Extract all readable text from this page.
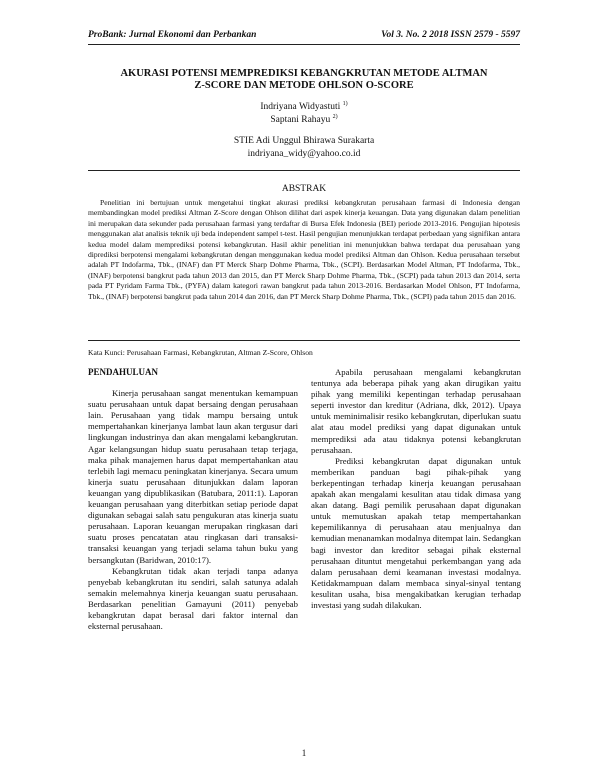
ProBank: Jurnal Ekonomi dan Perbankan	Vol 3. No. 2 2018 ISSN 2579 - 5597
AKURASI POTENSI MEMPREDIKSI KEBANGKRUTAN METODE ALTMAN
Z-SCORE DAN METODE OHLSON O-SCORE
Indriyana Widyastuti $^{1)}$
Saptani Rahayu $^{2)}$
STIE Adi Unggul Bhirawa Surakarta
indriyana_widy@yahoo.co.id
ABSTRAK

Penelitian ini bertujuan untuk mengetahui tingkat akurasi prediksi kebangkrutan perusahaan farmasi di Indonesia dengan membandingkan model prediksi Altman Z-Score dengan Ohlson dilihat dari aspek kinerja keuangan. Data yang digunakan dalam penelitian ini merupakan data sekunder pada perusahaan farmasi yang terdaftar di Bursa Efek Indonesia (BEI) periode 2013-2016. Pengujian hipotesis menggunakan alat analisis teknik uji beda independent sampel t-test. Hasil pengujian menunjukkan terdapat perbedaan yang signifikan antara kedua model dalam memprediksi potensi kebangkrutan. Hasil akhir penelitian ini menunjukkan bahwa terdapat dua perusahaan yang diprediksi berpotensi mengalami kebangkrutan dengan menggunakan kedua model prediksi Altman dan Ohlson. Kedua perusahaan tersebut adalah PT Indofarma, Tbk., (INAF) dan PT Merck Sharp Dohme Pharma, Tbk., (SCPI). Berdasarkan Model Altman, PT Indofarma, Tbk., (INAF) berpotensi bangkrut pada tahun 2013 dan 2015, dan PT Merck Sharp Dohme Pharma, Tbk., (SCPI) pada tahun 2013 dan 2014, serta pada PT Pyridam Farma Tbk., (PYFA) dalam kategori rawan bangkrut pada tahun 2013-2016. Berdasarkan Model Ohlson, PT Indofarma, Tbk., (INAF) berpotensi bangkrut pada tahun 2014 dan 2016, dan PT Merck Sharp Dohme Pharma, Tbk., (SCPI) pada tahun 2015 dan 2016.

Kata Kunci: Perusahaan Farmasi, Kebangkrutan, Altman Z-Score, Ohlson

PENDAHULUAN

Kinerja perusahaan sangat menentukan kemampuan suatu perusahaan untuk dapat bersaing dengan perusahaan lain. Perusahaan yang tidak mampu bersaing untuk mempertahankan kinerjanya lambat laun akan tergusur dari lingkungan industrinya dan akan mengalami kebangkrutan. Agar kelangsungan hidup suatu perusahaan tetap terjaga, maka pihak manajemen harus dapat mempertahankan atau terlebih lagi memacu peningkatan kinerjanya. Secara umum kinerja suatu perusahaan ditunjukkan dalam laporan keuangan yang dipublikasikan (Batubara, 2011:1). Laporan keuangan perusahaan yang diterbitkan setiap periode dapat digunakan sebagai salah satu pengukuran atas kinerja suatu perusahaan. Laporan keuangan merupakan ringkasan dari suatu proses pencatatan atau ringkasan dari transaksi-transaksi keuangan yang terjadi selama tahun buku yang bersangkutan (Baridwan, 2010:17).

Kebangkrutan tidak akan terjadi tanpa adanya penyebab kebangkrutan itu sendiri, salah satunya adalah semakin melemahnya kinerja keuangan suatu perusahaan. Berdasarkan penelitian Gamayuni (2011) penyebab kebangkrutan dapat berasal dari faktor internal dan eksternal perusahaan.

Apabila perusahaan mengalami kebangkrutan tentunya ada beberapa pihak yang akan dirugikan yaitu pihak yang memiliki kepentingan terhadap perusahaan seperti investor dan kreditur (Adriana, dkk, 2012). Upaya untuk meminimalisir resiko kebangkrutan, diperlukan suatu alat atau model prediksi yang dapat digunakan untuk memprediksi ada atau tidaknya potensi kebangkrutan perusahaan.

Prediksi kebangkrutan dapat digunakan untuk memberikan panduan bagi pihak-pihak yang berkepentingan terhadap kinerja keuangan perusahaan apakah akan mengalami kesulitan atau tidak dimasa yang akan datang. Bagi pemilik perusahaan dapat digunakan untuk memutuskan apakah tetap mempertahankan kepemilikannya di perusahaan atau menjualnya dan kemudian menanamkan modalnya ditempat lain. Sedangkan bagi investor dan kreditor sebagai pihak eksternal perusahaan dituntut mengetahui perkembangan yang ada dalam perusahaan demi keamanan investasi modalnya. Ketidakmampuan dalam membaca sinyal-sinyal tentang kesulitan usaha, bisa mengakibatkan kerugian terhadap investasi yang sudah dilakukan.

1
